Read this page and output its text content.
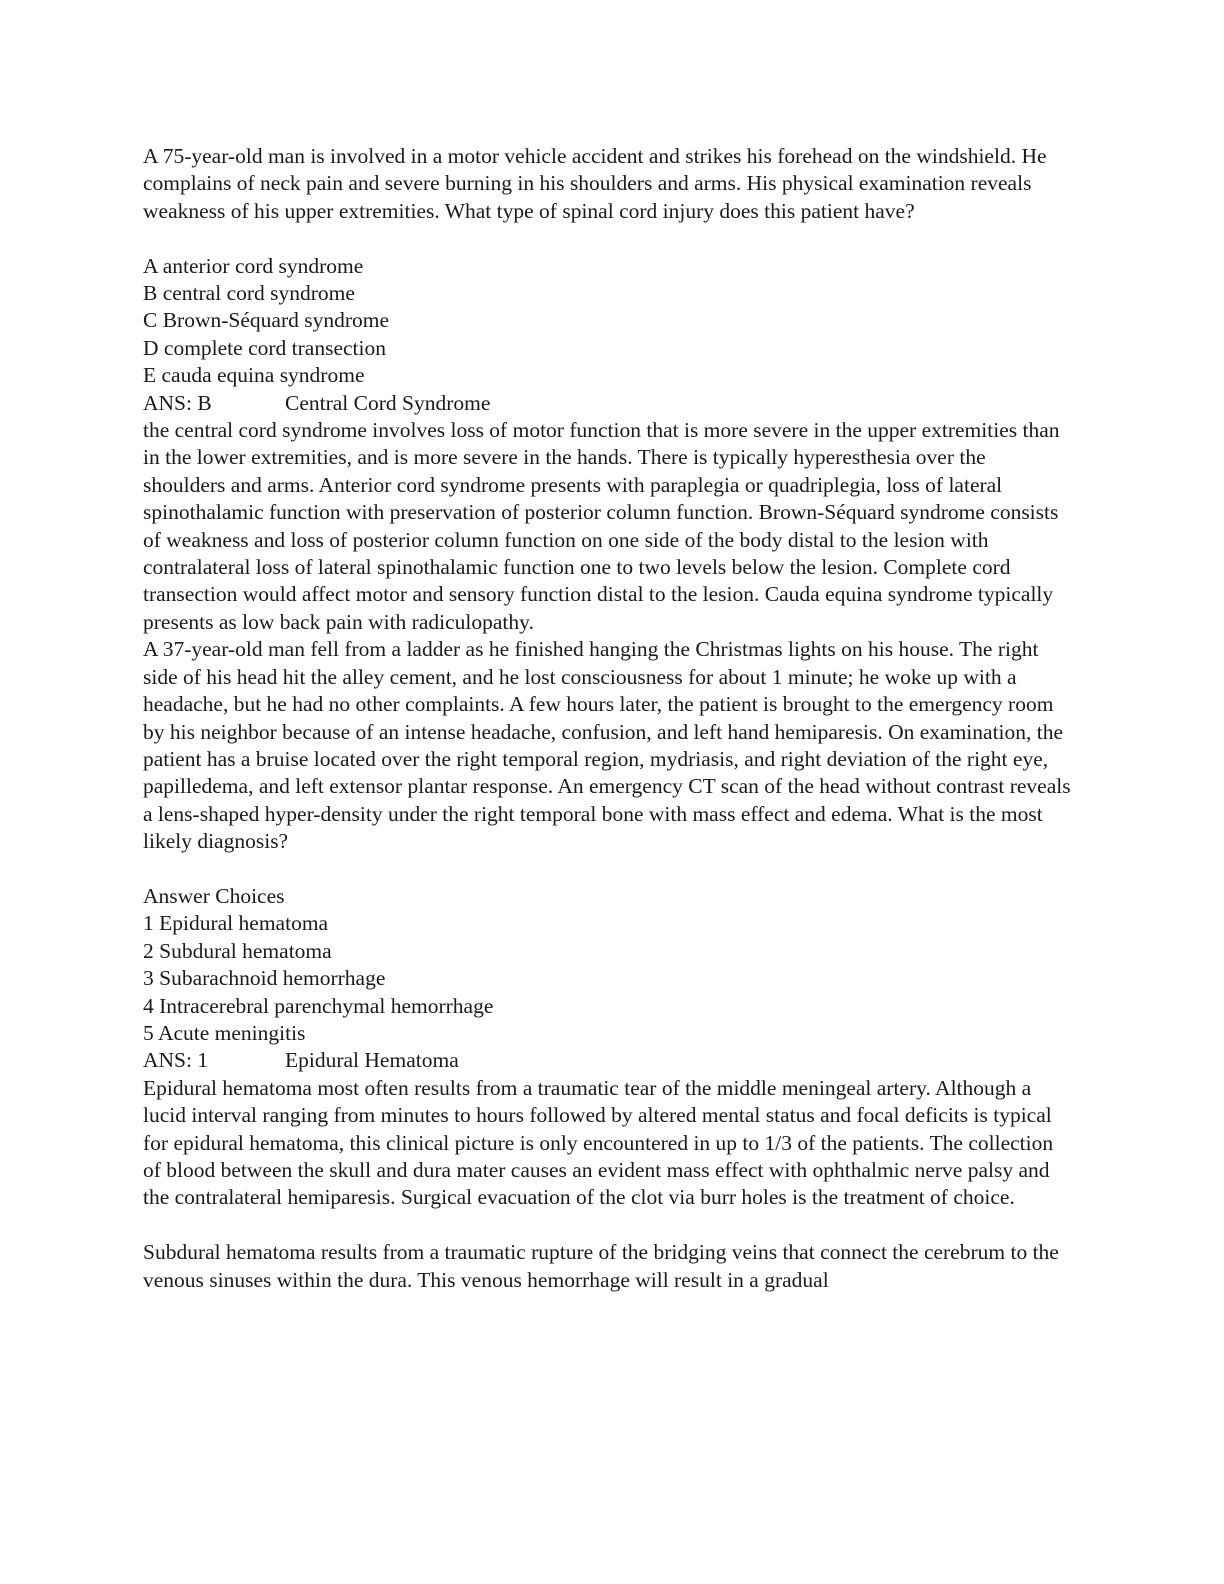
A 75-year-old man is involved in a motor vehicle accident and strikes his forehead on the windshield. He complains of neck pain and severe burning in his shoulders and arms. His physical examination reveals weakness of his upper extremities. What type of spinal cord injury does this patient have?

A anterior cord syndrome

B central cord syndrome

C Brown-Séquard syndrome

D complete cord transection

E cauda equina syndrome

ANS: B	Central Cord Syndrome

the central cord syndrome involves loss of motor function that is more severe in the upper extremities than in the lower extremities, and is more severe in the hands. There is typically hyperesthesia over the shoulders and arms. Anterior cord syndrome presents with paraplegia or quadriplegia, loss of lateral spinothalamic function with preservation of posterior column function. Brown-Séquard syndrome consists of weakness and loss of posterior column function on one side of the body distal to the lesion with contralateral loss of lateral spinothalamic function one to two levels below the lesion. Complete cord transection would affect motor and sensory function distal to the lesion. Cauda equina syndrome typically presents as low back pain with radiculopathy.

A 37-year-old man fell from a ladder as he finished hanging the Christmas lights on his house. The right side of his head hit the alley cement, and he lost consciousness for about 1 minute; he woke up with a headache, but he had no other complaints. A few hours later, the patient is brought to the emergency room by his neighbor because of an intense headache, confusion, and left hand hemiparesis. On examination, the patient has a bruise located over the right temporal region, mydriasis, and right deviation of the right eye, papilledema, and left extensor plantar response. An emergency CT scan of the head without contrast reveals a lens-shaped hyper-density under the right temporal bone with mass effect and edema. What is the most likely diagnosis?

Answer Choices

1 Epidural hematoma

2 Subdural hematoma

3 Subarachnoid hemorrhage

4 Intracerebral parenchymal hemorrhage

5 Acute meningitis

ANS: 1	Epidural Hematoma

Epidural hematoma most often results from a traumatic tear of the middle meningeal artery. Although a lucid interval ranging from minutes to hours followed by altered mental status and focal deficits is typical for epidural hematoma, this clinical picture is only encountered in up to 1/3 of the patients. The collection of blood between the skull and dura mater causes an evident mass effect with ophthalmic nerve palsy and the contralateral hemiparesis. Surgical evacuation of the clot via burr holes is the treatment of choice.

Subdural hematoma results from a traumatic rupture of the bridging veins that connect the cerebrum to the venous sinuses within the dura. This venous hemorrhage will result in a gradual
